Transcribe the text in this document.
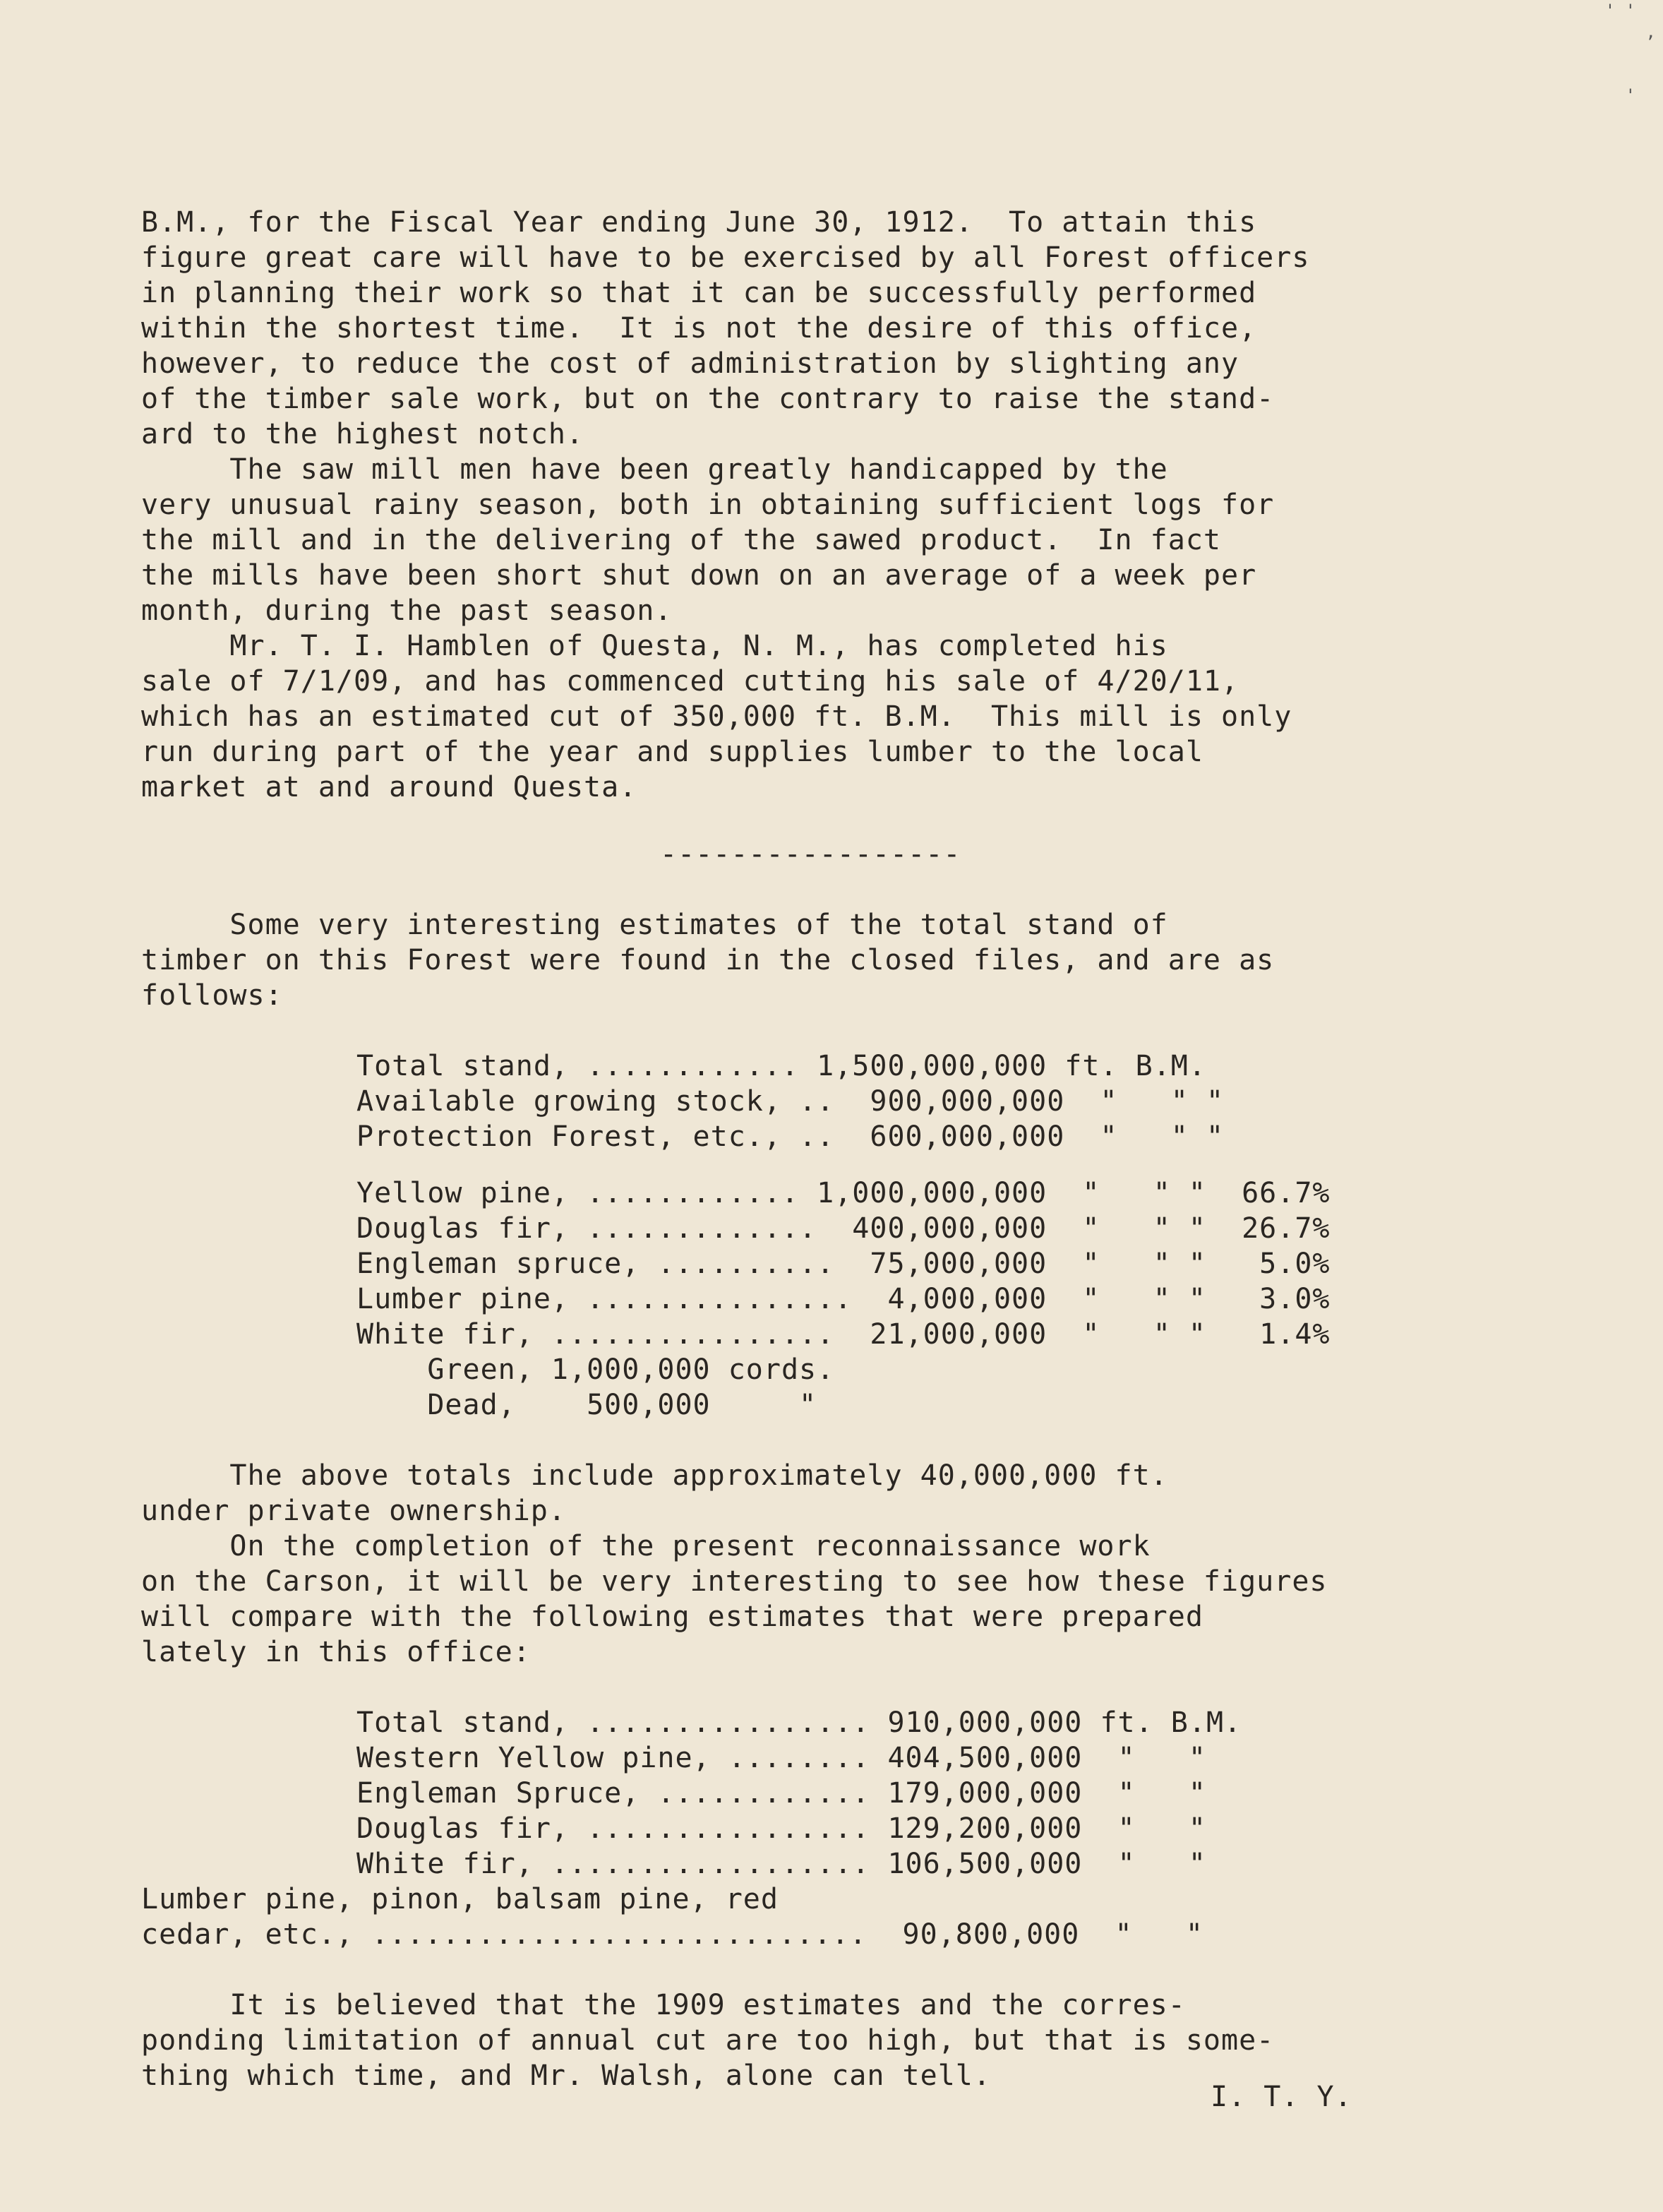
' '
,

'
B.M., for the Fiscal Year ending June 30, 1912.  To attain this
figure great care will have to be exercised by all Forest officers
in planning their work so that it can be successfully performed
within the shortest time.  It is not the desire of this office,
however, to reduce the cost of administration by slighting any
of the timber sale work, but on the contrary to raise the stand-
ard to the highest notch.
The saw mill men have been greatly handicapped by the
very unusual rainy season, both in obtaining sufficient logs for
the mill and in the delivering of the sawed product.  In fact
the mills have been short shut down on an average of a week per
month, during the past season.
Mr. T. I. Hamblen of Questa, N. M., has completed his
sale of 7/1/09, and has commenced cutting his sale of 4/20/11,
which has an estimated cut of 350,000 ft. B.M.  This mill is only
run during part of the year and supplies lumber to the local
market at and around Questa.
Some very interesting estimates of the total stand of
timber on this Forest were found in the closed files, and are as
follows:
Total stand, ............ 1,500,000,000 ft. B.M.
Available growing stock, ..  900,000,000  "   " "
Protection Forest, etc., ..  600,000,000  "   " "
Yellow pine, ............ 1,000,000,000  "   " "  66.7%
Douglas fir, .............  400,000,000  "   " "  26.7%
Engleman spruce, ..........  75,000,000  "   " "   5.0%
Lumber pine, ...............  4,000,000  "   " "   3.0%
White fir, ................  21,000,000  "   " "   1.4%
Green, 1,000,000 cords.
Dead,    500,000     "
The above totals include approximately 40,000,000 ft.
under private ownership.
On the completion of the present reconnaissance work
on the Carson, it will be very interesting to see how these figures
will compare with the following estimates that were prepared
lately in this office:
Total stand, ................ 910,000,000 ft. B.M.
Western Yellow pine, ........ 404,500,000  "   "
Engleman Spruce, ............ 179,000,000  "   "
Douglas fir, ................ 129,200,000  "   "
White fir, .................. 106,500,000  "   "
Lumber pine, pinon, balsam pine, red
cedar, etc., ............................  90,800,000  "   "
It is believed that the 1909 estimates and the corres-
ponding limitation of annual cut are too high, but that is some-
thing which time, and Mr. Walsh, alone can tell.
-----------------
I. T. Y.
